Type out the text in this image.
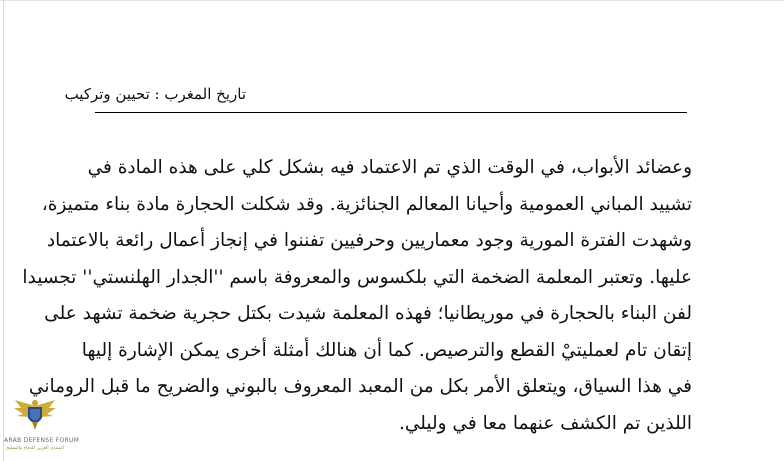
تاريخ المغرب : تحيين وتركيب
وعضائد الأبواب، في الوقت الذي تم الاعتماد فيه بشكل كلي على هذه المادة في
تشييد المباني العمومية وأحيانا المعالم الجنائزية. وقد شكلت الحجارة مادة بناء متميزة،
وشهدت الفترة المورية وجود معماريين وحرفيين تفننوا في إنجاز أعمال رائعة بالاعتماد
عليها. وتعتبر المعلمة الضخمة التي بلكسوس والمعروفة باسم ''الجدار الهلنستي'' تجسيدا
لفن البناء بالحجارة في موريطانيا؛ فهذه المعلمة شيدت بكتل حجرية ضخمة تشهد على
إتقان تام لعمليتيْ القطع والترصيص. كما أن هنالك أمثلة أخرى يمكن الإشارة إليها
في هذا السياق، ويتعلق الأمر بكل من المعبد المعروف بالبوني والضريح ما قبل الروماني
اللذين تم الكشف عنهما معا في وليلي.
ARAB DEFENSE FORUM
المنتدى العربي للدفاع والتسليح
